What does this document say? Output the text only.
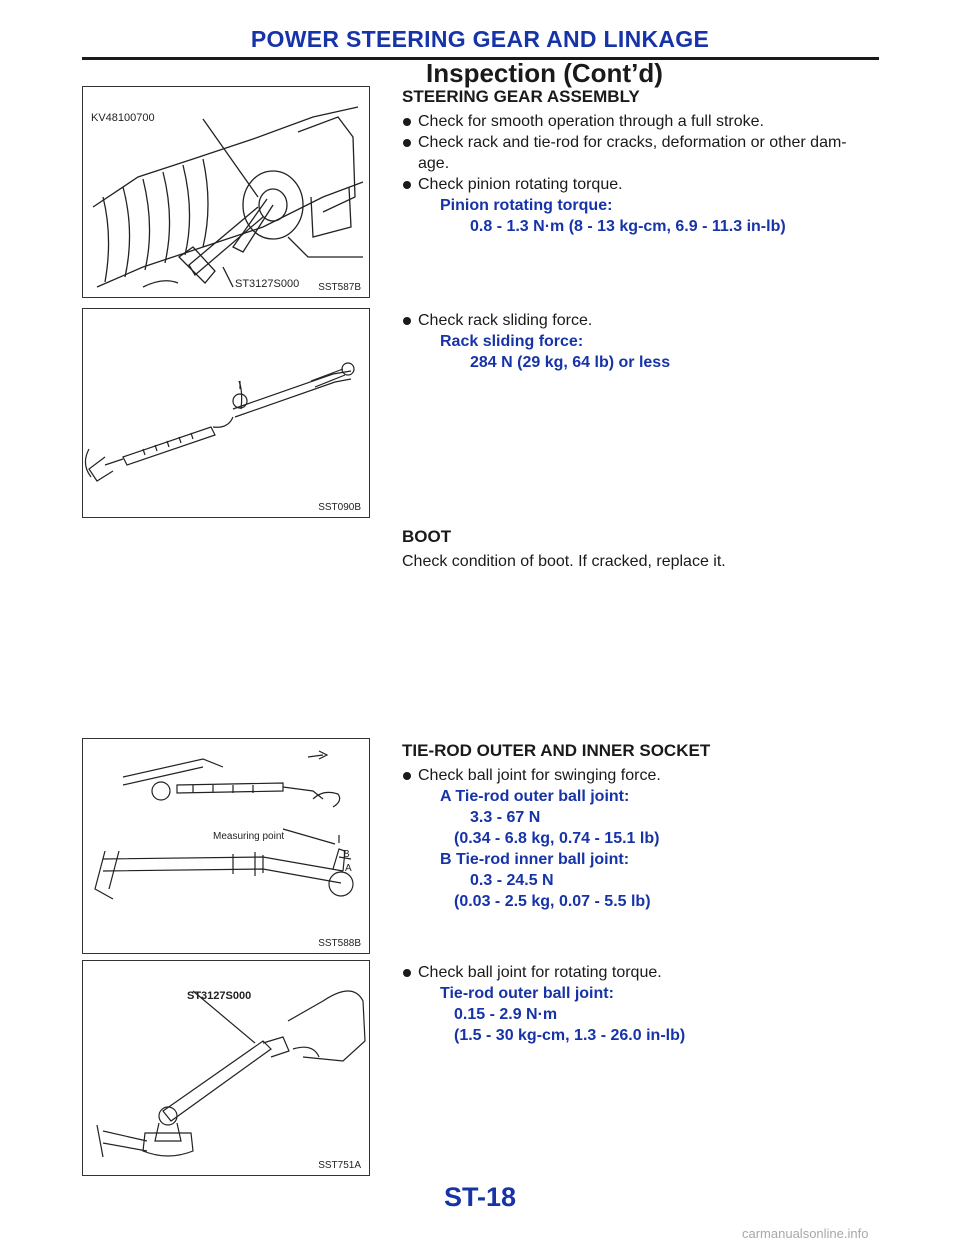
POWER STEERING GEAR AND LINKAGE
Inspection (Cont’d)
KV48100700
ST3127S000 SST587B
SST090B
Measuring point
B
A
SST588B
ST3127S000
SST751A
STEERING GEAR ASSEMBLY
Check for smooth operation through a full stroke.
Check rack and tie-rod for cracks, deformation or other dam-
age.
Check pinion rotating torque.
Pinion rotating torque:
0.8 - 1.3 N·m (8 - 13 kg-cm, 6.9 - 11.3 in-lb)
Check rack sliding force.
Rack sliding force:
284 N (29 kg, 64 lb) or less
BOOT
Check condition of boot. If cracked, replace it.
TIE-ROD OUTER AND INNER SOCKET
Check ball joint for swinging force.
A Tie-rod outer ball joint:
3.3 - 67 N
(0.34 - 6.8 kg, 0.74 - 15.1 lb)
B Tie-rod inner ball joint:
0.3 - 24.5 N
(0.03 - 2.5 kg, 0.07 - 5.5 lb)
Check ball joint for rotating torque.
Tie-rod outer ball joint:
0.15 - 2.9 N·m
(1.5 - 30 kg-cm, 1.3 - 26.0 in-lb)
ST-18
carmanualsonline.info
